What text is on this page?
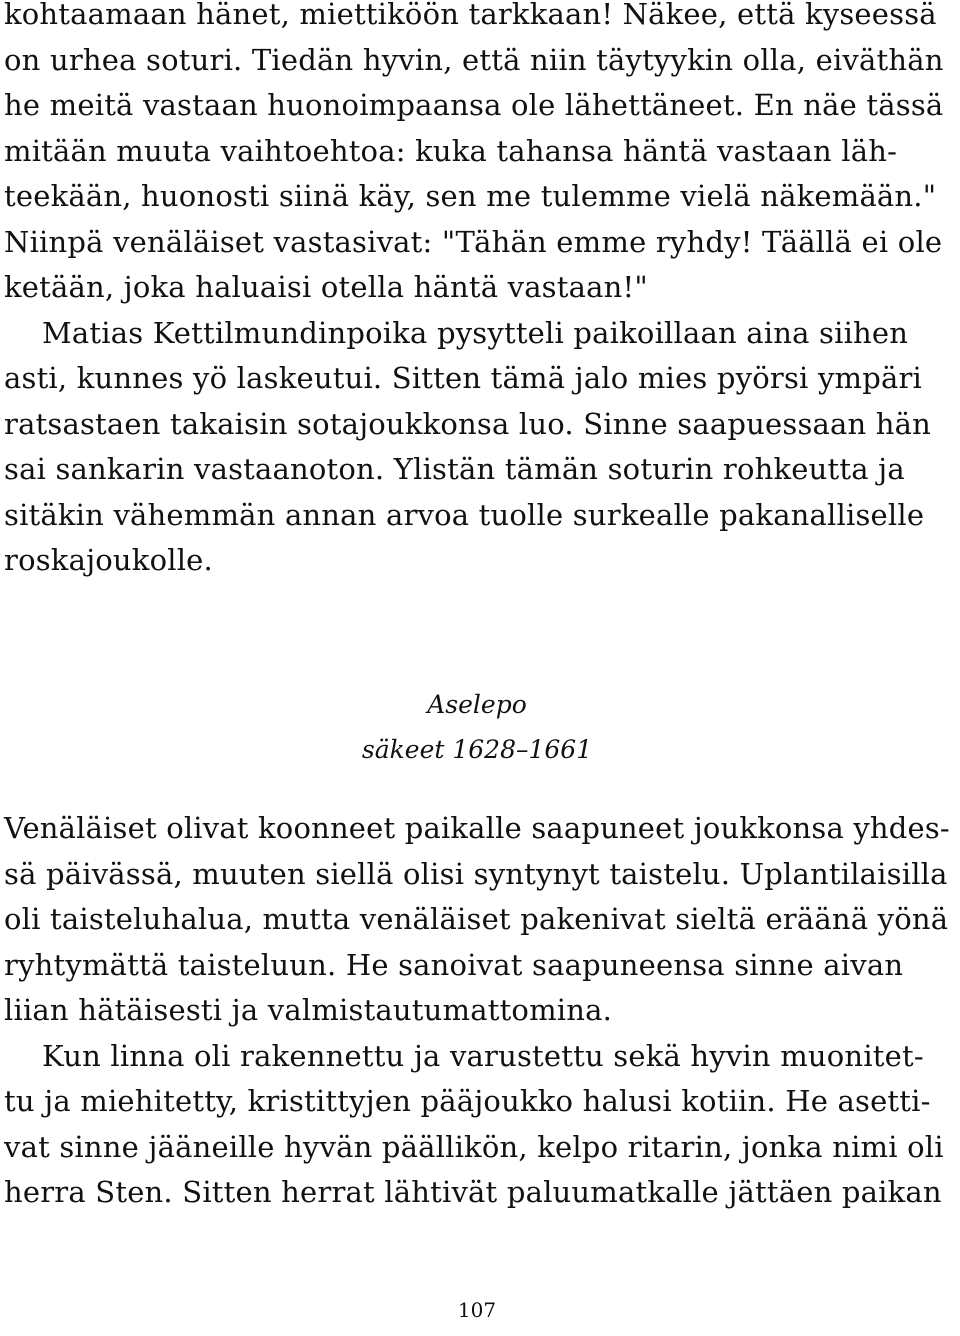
kohtaamaan hänet, miettiköön tarkkaan! Näkee, että kyseessä
on urhea soturi. Tiedän hyvin, että niin täytyykin olla, eiväthän
he meitä vastaan huonoimpaansa ole lähettäneet. En näe tässä
mitään muuta vaihtoehtoa: kuka tahansa häntä vastaan läh-
teekään, huonosti siinä käy, sen me tulemme vielä näkemään."
Niinpä venäläiset vastasivat: "Tähän emme ryhdy! Täällä ei ole
ketään, joka haluaisi otella häntä vastaan!"
Matias Kettilmundinpoika pysytteli paikoillaan aina siihen
asti, kunnes yö laskeutui. Sitten tämä jalo mies pyörsi ympäri
ratsastaen takaisin sotajoukkonsa luo. Sinne saapuessaan hän
sai sankarin vastaanoton. Ylistän tämän soturin rohkeutta ja
sitäkin vähemmän annan arvoa tuolle surkealle pakanalliselle
roskajoukolle.
Aselepo
säkeet 1628–1661
Venäläiset olivat koonneet paikalle saapuneet joukkonsa yhdes-
sä päivässä, muuten siellä olisi syntynyt taistelu. Uplantilaisilla
oli taisteluhalua, mutta venäläiset pakenivat sieltä eräänä yönä
ryhtymättä taisteluun. He sanoivat saapuneensa sinne aivan
liian hätäisesti ja valmistautumattomina.
Kun linna oli rakennettu ja varustettu sekä hyvin muonitet-
tu ja miehitetty, kristittyjen pääjoukko halusi kotiin. He asetti-
vat sinne jääneille hyvän päällikön, kelpo ritarin, jonka nimi oli
herra Sten. Sitten herrat lähtivät paluumatkalle jättäen paikan
107
